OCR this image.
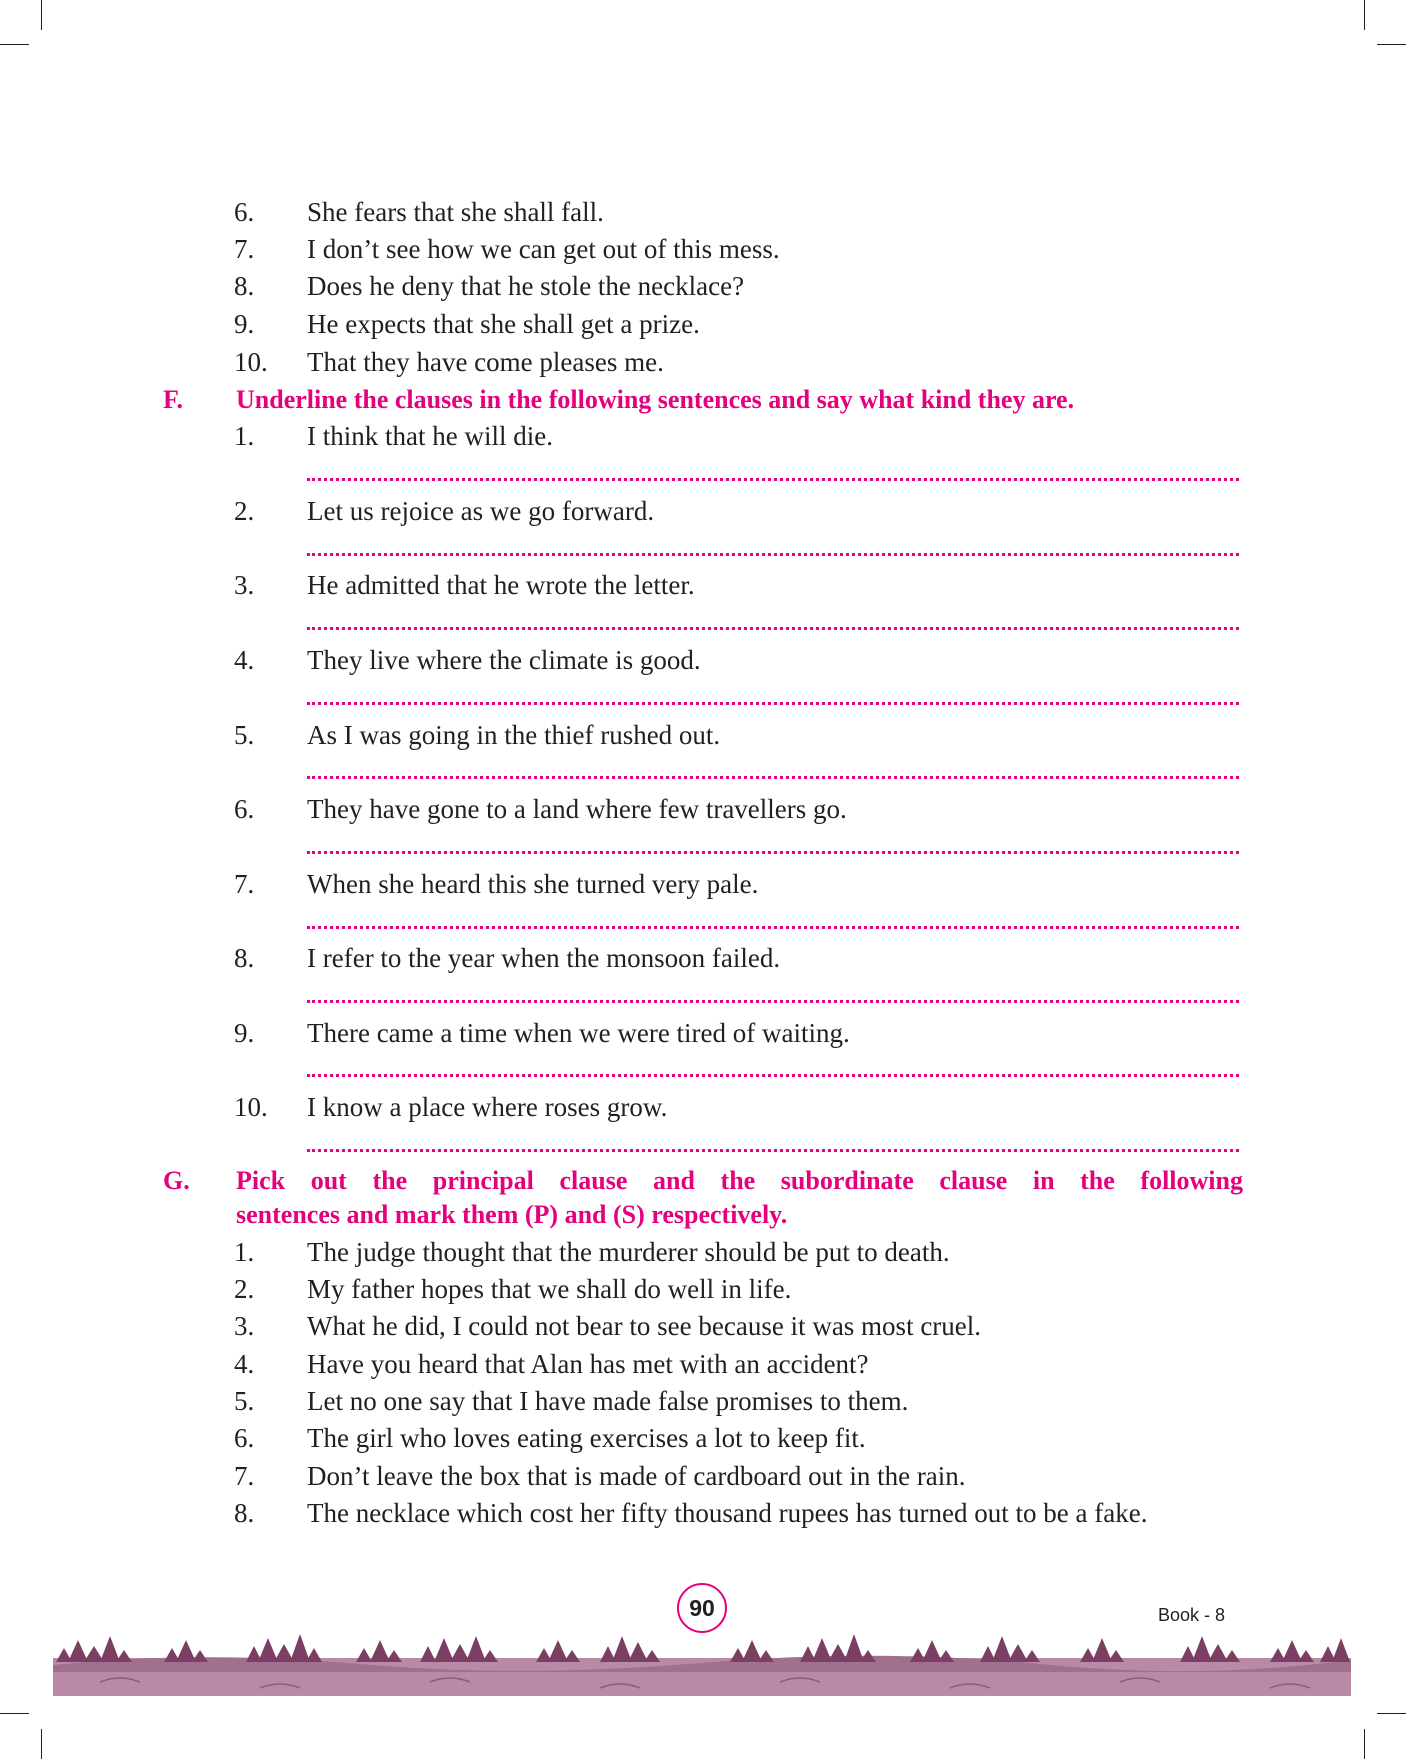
6. She fears that she shall fall.
7. I don’t see how we can get out of this mess.
8. Does he deny that he stole the necklace?
9. He expects that she shall get a prize.
10. That they have come pleases me.
F. Underline the clauses in the following sentences and say what kind they are.
1. I think that he will die.
2. Let us rejoice as we go forward.
3. He admitted that he wrote the letter.
4. They live where the climate is good.
5. As I was going in the thief rushed out.
6. They have gone to a land where few travellers go.
7. When she heard this she turned very pale.
8. I refer to the year when the monsoon failed.
9. There came a time when we were tired of waiting.
10. I know a place where roses grow.
G. Pick out the principal clause and the subordinate clause in the following
sentences and mark them (P) and (S) respectively.
1. The judge thought that the murderer should be put to death.
2. My father hopes that we shall do well in life.
3. What he did, I could not bear to see because it was most cruel.
4. Have you heard that Alan has met with an accident?
5. Let no one say that I have made false promises to them.
6. The girl who loves eating exercises a lot to keep fit.
7. Don’t leave the box that is made of cardboard out in the rain.
8. The necklace which cost her fifty thousand rupees has turned out to be a fake.
90	Book - 8
